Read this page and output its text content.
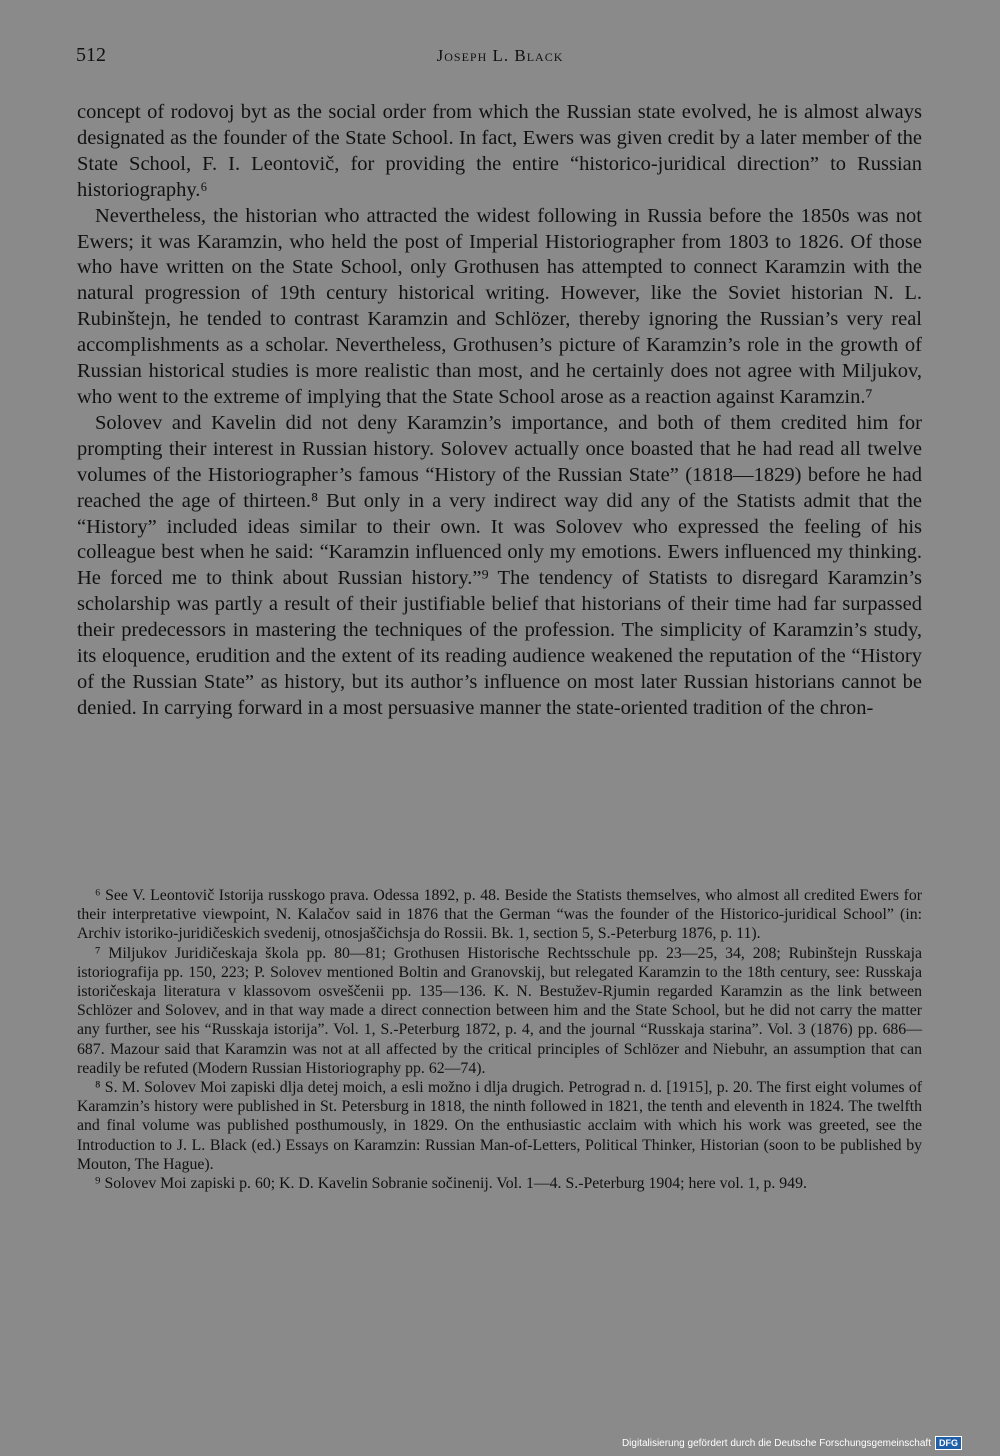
512	Joseph L. Black

concept of rodovoj byt as the social order from which the Russian state evolved, he is almost always designated as the founder of the State School. In fact, Ewers was given credit by a later member of the State School, F. I. Leontovič, for providing the entire “historico-juridical direction” to Russian historiography.⁶

Nevertheless, the historian who attracted the widest following in Russia before the 1850s was not Ewers; it was Karamzin, who held the post of Imperial Historiographer from 1803 to 1826. Of those who have written on the State School, only Grothusen has attempted to connect Karamzin with the natural progression of 19th century historical writing. However, like the Soviet historian N. L. Rubinštejn, he tended to contrast Karamzin and Schlözer, thereby ignoring the Russian’s very real accomplishments as a scholar. Nevertheless, Grothusen’s picture of Karamzin’s role in the growth of Russian historical studies is more realistic than most, and he certainly does not agree with Miljukov, who went to the extreme of implying that the State School arose as a reaction against Karamzin.⁷

Solovev and Kavelin did not deny Karamzin’s importance, and both of them credited him for prompting their interest in Russian history. Solovev actually once boasted that he had read all twelve volumes of the Historiographer’s famous “History of the Russian State” (1818—1829) before he had reached the age of thirteen.⁸ But only in a very indirect way did any of the Statists admit that the “History” included ideas similar to their own. It was Solovev who expressed the feeling of his colleague best when he said: “Karamzin influenced only my emotions. Ewers influenced my thinking. He forced me to think about Russian history.”⁹ The tendency of Statists to disregard Karamzin’s scholarship was partly a result of their justifiable belief that historians of their time had far surpassed their predecessors in mastering the techniques of the profession. The simplicity of Karamzin’s study, its eloquence, erudition and the extent of its reading audience weakened the reputation of the “History of the Russian State” as history, but its author’s influence on most later Russian historians cannot be denied. In carrying forward in a most persuasive manner the state-oriented tradition of the chron-

⁶ See V. Leontovič Istorija russkogo prava. Odessa 1892, p. 48. Beside the Statists themselves, who almost all credited Ewers for their interpretative viewpoint, N. Kalačov said in 1876 that the German “was the founder of the Historico-juridical School” (in: Archiv istoriko-juridičeskich svedenij, otnosjaščichsja do Rossii. Bk. 1, section 5, S.-Peterburg 1876, p. 11).

⁷ Miljukov Juridičeskaja škola pp. 80—81; Grothusen Historische Rechtsschule pp. 23—25, 34, 208; Rubinštejn Russkaja istoriografija pp. 150, 223; P. Solovev mentioned Boltin and Granovskij, but relegated Karamzin to the 18th century, see: Russkaja istoričeskaja literatura v klassovom osveščenii pp. 135—136. K. N. Bestužev-Rjumin regarded Karamzin as the link between Schlözer and Solovev, and in that way made a direct connection between him and the State School, but he did not carry the matter any further, see his “Russkaja istorija”. Vol. 1, S.-Peterburg 1872, p. 4, and the journal “Russkaja starina”. Vol. 3 (1876) pp. 686—687. Mazour said that Karamzin was not at all affected by the critical principles of Schlözer and Niebuhr, an assumption that can readily be refuted (Modern Russian Historiography pp. 62—74).

⁸ S. M. Solovev Moi zapiski dlja detej moich, a esli možno i dlja drugich. Petrograd n. d. [1915], p. 20. The first eight volumes of Karamzin’s history were published in St. Petersburg in 1818, the ninth followed in 1821, the tenth and eleventh in 1824. The twelfth and final volume was published posthumously, in 1829. On the enthusiastic acclaim with which his work was greeted, see the Introduction to J. L. Black (ed.) Essays on Karamzin: Russian Man-of-Letters, Political Thinker, Historian (soon to be published by Mouton, The Hague).

⁹ Solovev Moi zapiski p. 60; K. D. Kavelin Sobranie sočinenij. Vol. 1—4. S.-Peterburg 1904; here vol. 1, p. 949.

Digitalisierung gefördert durch die Deutsche Forschungsgemeinschaft DFG
